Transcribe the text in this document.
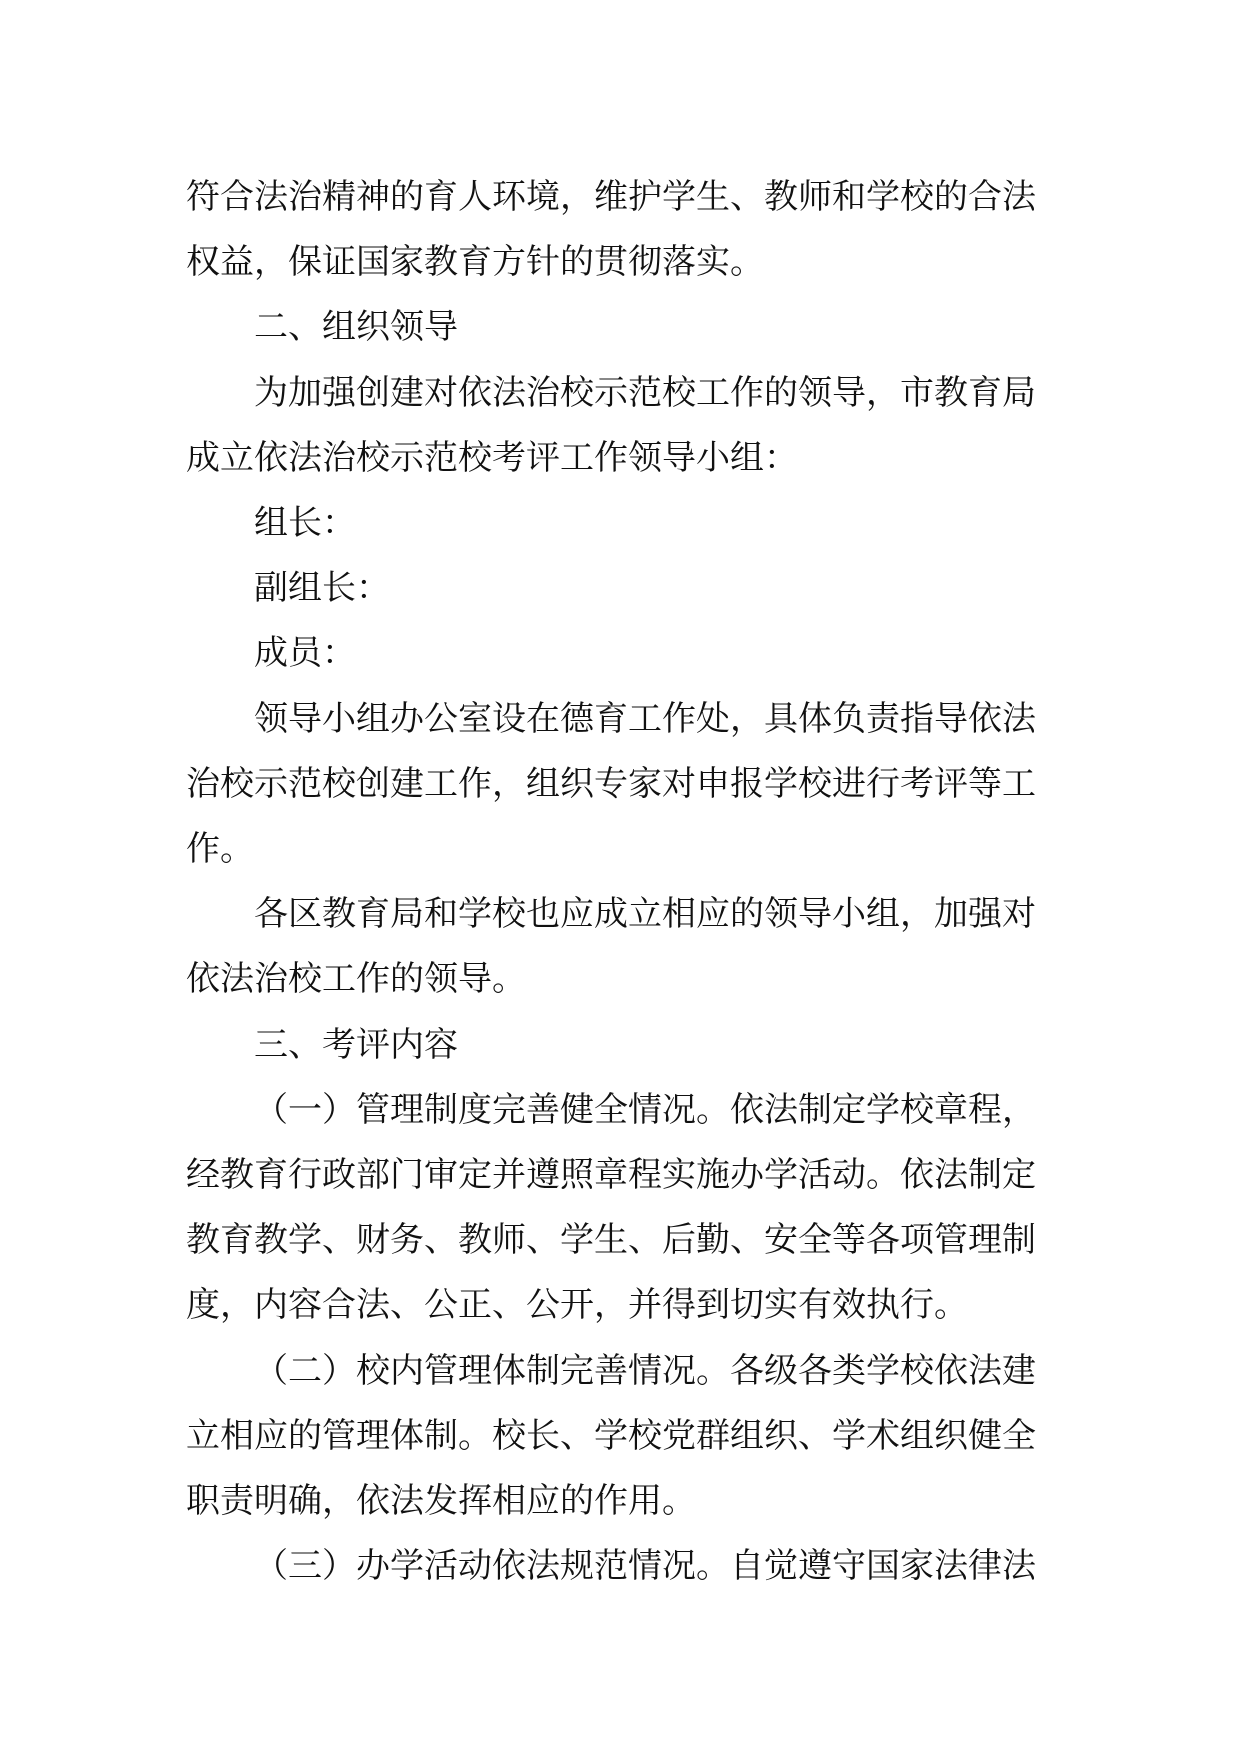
符合法治精神的育人环境，维护学生、教师和学校的合法
权益，保证国家教育方针的贯彻落实。
二、组织领导
为加强创建对依法治校示范校工作的领导，市教育局
成立依法治校示范校考评工作领导小组：
组长：
副组长：
成员：
领导小组办公室设在德育工作处，具体负责指导依法
治校示范校创建工作，组织专家对申报学校进行考评等工
作。
各区教育局和学校也应成立相应的领导小组，加强对
依法治校工作的领导。
三、考评内容
（一）管理制度完善健全情况。依法制定学校章程，
经教育行政部门审定并遵照章程实施办学活动。依法制定
教育教学、财务、教师、学生、后勤、安全等各项管理制
度，内容合法、公正、公开，并得到切实有效执行。
（二）校内管理体制完善情况。各级各类学校依法建
立相应的管理体制。校长、学校党群组织、学术组织健全
职责明确，依法发挥相应的作用。
（三）办学活动依法规范情况。自觉遵守国家法律法
